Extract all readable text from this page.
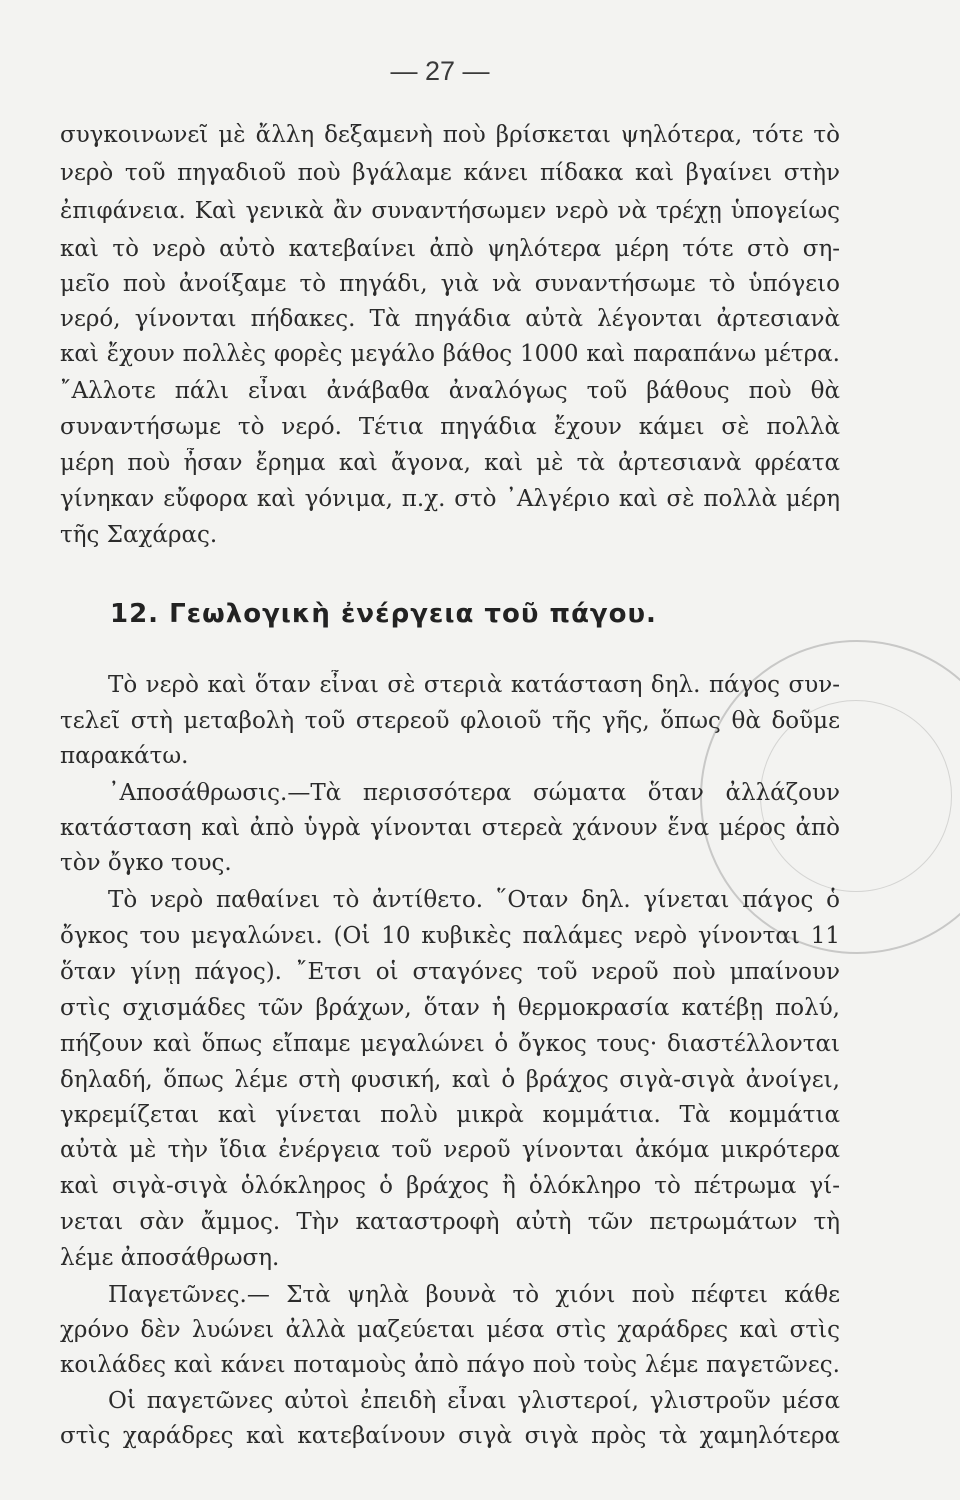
— 27 —
συγκοινωνεῖ μὲ ἄλλη δεξαμενὴ ποὺ βρίσκεται ψηλότερα, τότε τὸ
νερὸ τοῦ πηγαδιοῦ ποὺ βγάλαμε κάνει πίδακα καὶ βγαίνει στὴν
ἐπιφάνεια. Καὶ γενικὰ ἂν συναντήσωμεν νερὸ νὰ τρέχῃ ὑπογείως
καὶ τὸ νερὸ αὐτὸ κατεβαίνει ἀπὸ ψηλότερα μέρη τότε στὸ ση-
μεῖο ποὺ ἀνοίξαμε τὸ πηγάδι, γιὰ νὰ συναντήσωμε τὸ ὑπόγειο
νερό, γίνονται πήδακες. Τὰ πηγάδια αὐτὰ λέγονται ἀρτεσιανὰ
καὶ ἔχουν πολλὲς φορὲς μεγάλο βάθος 1000 καὶ παραπάνω μέτρα.
῎Αλλοτε πάλι εἶναι ἀνάβαθα ἀναλόγως τοῦ βάθους ποὺ θὰ
συναντήσωμε τὸ νερό. Τέτια πηγάδια ἔχουν κάμει σὲ πολλὰ
μέρη ποὺ ἦσαν ἔρημα καὶ ἄγονα, καὶ μὲ τὰ ἀρτεσιανὰ φρέατα
γίνηκαν εὔφορα καὶ γόνιμα, π.χ. στὸ ᾿Αλγέριο καὶ σὲ πολλὰ μέρη
τῆς Σαχάρας.
12. Γεωλογικὴ ἐνέργεια τοῦ πάγου.
Τὸ νερὸ καὶ ὅταν εἶναι σὲ στεριὰ κατάσταση δηλ. πάγος συν-
τελεῖ στὴ μεταβολὴ τοῦ στερεοῦ φλοιοῦ τῆς γῆς, ὅπως θὰ δοῦμε
παρακάτω.
᾿Αποσάθρωσις.—Τὰ περισσότερα σώματα ὅταν ἀλλάζουν
κατάσταση καὶ ἀπὸ ὑγρὰ γίνονται στερεὰ χάνουν ἕνα μέρος ἀπὸ
τὸν ὄγκο τους.
Τὸ νερὸ παθαίνει τὸ ἀντίθετο. ῞Οταν δηλ. γίνεται πάγος ὁ
ὄγκος του μεγαλώνει. (Οἱ 10 κυβικὲς παλάμες νερὸ γίνονται 11
ὅταν γίνῃ πάγος). ῎Ετσι οἱ σταγόνες τοῦ νεροῦ ποὺ μπαίνουν
στὶς σχισμάδες τῶν βράχων, ὅταν ἡ θερμοκρασία κατέβῃ πολύ,
πήζουν καὶ ὅπως εἴπαμε μεγαλώνει ὁ ὄγκος τους· διαστέλλονται
δηλαδή, ὅπως λέμε στὴ φυσική, καὶ ὁ βράχος σιγὰ-σιγὰ ἀνοίγει,
γκρεμίζεται καὶ γίνεται πολὺ μικρὰ κομμάτια. Τὰ κομμάτια
αὐτὰ μὲ τὴν ἴδια ἐνέργεια τοῦ νεροῦ γίνονται ἀκόμα μικρότερα
καὶ σιγὰ-σιγὰ ὁλόκληρος ὁ βράχος ἢ ὁλόκληρο τὸ πέτρωμα γί-
νεται σὰν ἄμμος. Τὴν καταστροφὴ αὐτὴ τῶν πετρωμάτων τὴ
λέμε ἀποσάθρωση.
Παγετῶνες.— Στὰ ψηλὰ βουνὰ τὸ χιόνι ποὺ πέφτει κάθε
χρόνο δὲν λυώνει ἀλλὰ μαζεύεται μέσα στὶς χαράδρες καὶ στὶς
κοιλάδες καὶ κάνει ποταμοὺς ἀπὸ πάγο ποὺ τοὺς λέμε παγετῶνες.
Οἱ παγετῶνες αὐτοὶ ἐπειδὴ εἶναι γλιστεροί, γλιστροῦν μέσα
στὶς χαράδρες καὶ κατεβαίνουν σιγὰ σιγὰ πρὸς τὰ χαμηλότερα
